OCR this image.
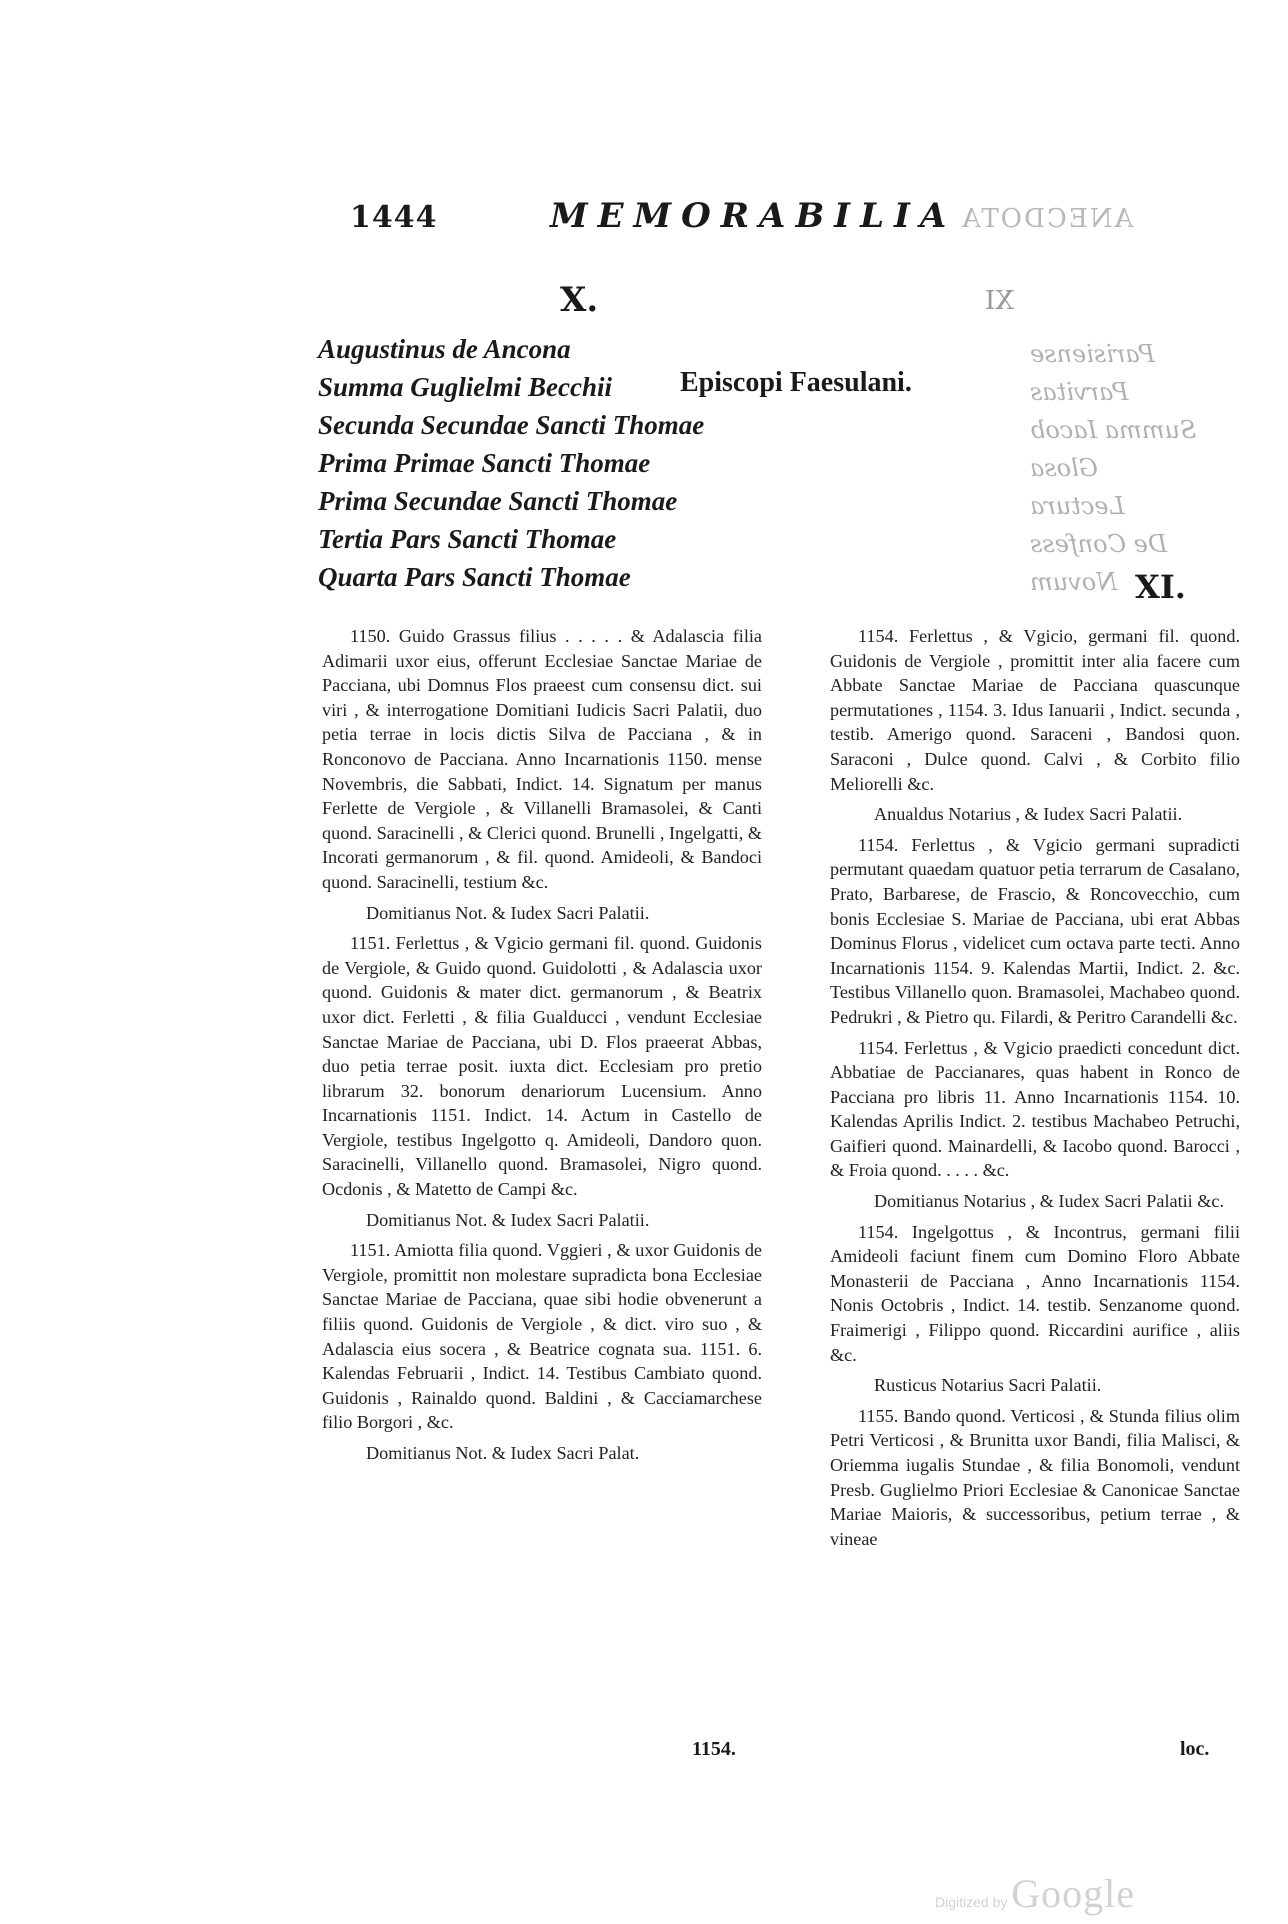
1444	MEMORABILIA ANECDOTA
X.	XI
Augustinus de Ancona
Summa Guglielmi Becchii
Secunda Secundae Sancti Thomae
Prima Primae Sancti Thomae
Prima Secundae Sancti Thomae
Tertia Pars Sancti Thomae
Quarta Pars Sancti Thomae
Episcopi Faesulani.
Parisiense
Parvitas
Summa Iacob
Glosa
Lectura
De Confess
Novum XI.

1150. Guido Grassus filius . . . . . & Adalascia filia Adimarii uxor eius, offerunt Ecclesiae Sanctae Mariae de Pacciana, ubi Domnus Flos praeest cum consensu dict. sui viri , & interrogatione Domitiani Iudicis Sacri Palatii, duo petia terrae in locis dictis Silva de Pacciana , & in Ronconovo de Pacciana. Anno Incarnationis 1150. mense Novembris, die Sabbati, Indict. 14. Signatum per manus Ferlette de Vergiole , & Villanelli Bramasolei, & Canti quond. Saracinelli , & Clerici quond. Brunelli , Ingelgatti, & Incorati germanorum , & fil. quond. Amideoli, & Bandoci quond. Saracinelli, testium &c.

Domitianus Not. & Iudex Sacri Palatii.

1151. Ferlettus , & Vgicio germani fil. quond. Guidonis de Vergiole, & Guido quond. Guidolotti , & Adalascia uxor quond. Guidonis & mater dict. germanorum , & Beatrix uxor dict. Ferletti , & filia Gualducci , vendunt Ecclesiae Sanctae Mariae de Pacciana, ubi D. Flos praeerat Abbas, duo petia terrae posit. iuxta dict. Ecclesiam pro pretio librarum 32. bonorum denariorum Lucensium. Anno Incarnationis 1151. Indict. 14. Actum in Castello de Vergiole, testibus Ingelgotto q. Amideoli, Dandoro quon. Saracinelli, Villanello quond. Bramasolei, Nigro quond. Ocdonis , & Matetto de Campi &c.

Domitianus Not. & Iudex Sacri Palatii.

1151. Amiotta filia quond. Vggieri , & uxor Guidonis de Vergiole, promittit non molestare supradicta bona Ecclesiae Sanctae Mariae de Pacciana, quae sibi hodie obvenerunt a filiis quond. Guidonis de Vergiole , & dict. viro suo , & Adalascia eius socera , & Beatrice cognata sua. 1151. 6. Kalendas Februarii , Indict. 14. Testibus Cambiato quond. Guidonis , Rainaldo quond. Baldini , & Cacciamarchese filio Borgori , &c.

Domitianus Not. & Iudex Sacri Palat.

1154. Ferlettus , & Vgicio, germani fil. quond. Guidonis de Vergiole , promittit inter alia facere cum Abbate Sanctae Mariae de Pacciana quascunque permutationes , 1154. 3. Idus Ianuarii , Indict. secunda , testib. Amerigo quond. Saraceni , Bandosi quon. Saraconi , Dulce quond. Calvi , & Corbito filio Meliorelli &c.

Anualdus Notarius , & Iudex Sacri Palatii.

1154. Ferlettus , & Vgicio germani supradicti permutant quaedam quatuor petia terrarum de Casalano, Prato, Barbarese, de Frascio, & Roncovecchio, cum bonis Ecclesiae S. Mariae de Pacciana, ubi erat Abbas Dominus Florus , videlicet cum octava parte tecti. Anno Incarnationis 1154. 9. Kalendas Martii, Indict. 2. &c. Testibus Villanello quon. Bramasolei, Machabeo quond. Pedrukri , & Pietro qu. Filardi, & Peritro Carandelli &c.

1154. Ferlettus , & Vgicio praedicti concedunt dict. Abbatiae de Paccianares, quas habent in Ronco de Pacciana pro libris 11. Anno Incarnationis 1154. 10. Kalendas Aprilis Indict. 2. testibus Machabeo Petruchi, Gaifieri quond. Mainardelli, & Iacobo quond. Barocci , & Froia quond. . . . . &c.

Domitianus Notarius , & Iudex Sacri Palatii &c.

1154. Ingelgottus , & Incontrus, germani filii Amideoli faciunt finem cum Domino Floro Abbate Monasterii de Pacciana , Anno Incarnationis 1154. Nonis Octobris , Indict. 14. testib. Senzanome quond. Fraimerigi , Filippo quond. Riccardini aurifice , aliis &c.

Rusticus Notarius Sacri Palatii.

1155. Bando quond. Verticosi , & Stunda filius olim Petri Verticosi , & Brunitta uxor Bandi, filia Malisci, & Oriemma iugalis Stundae , & filia Bonomoli, vendunt Presb. Guglielmo Priori Ecclesiae & Canonicae Sanctae Mariae Maioris, & successoribus, petium terrae , & vineae

1154.	loc.
Digitized by Google
